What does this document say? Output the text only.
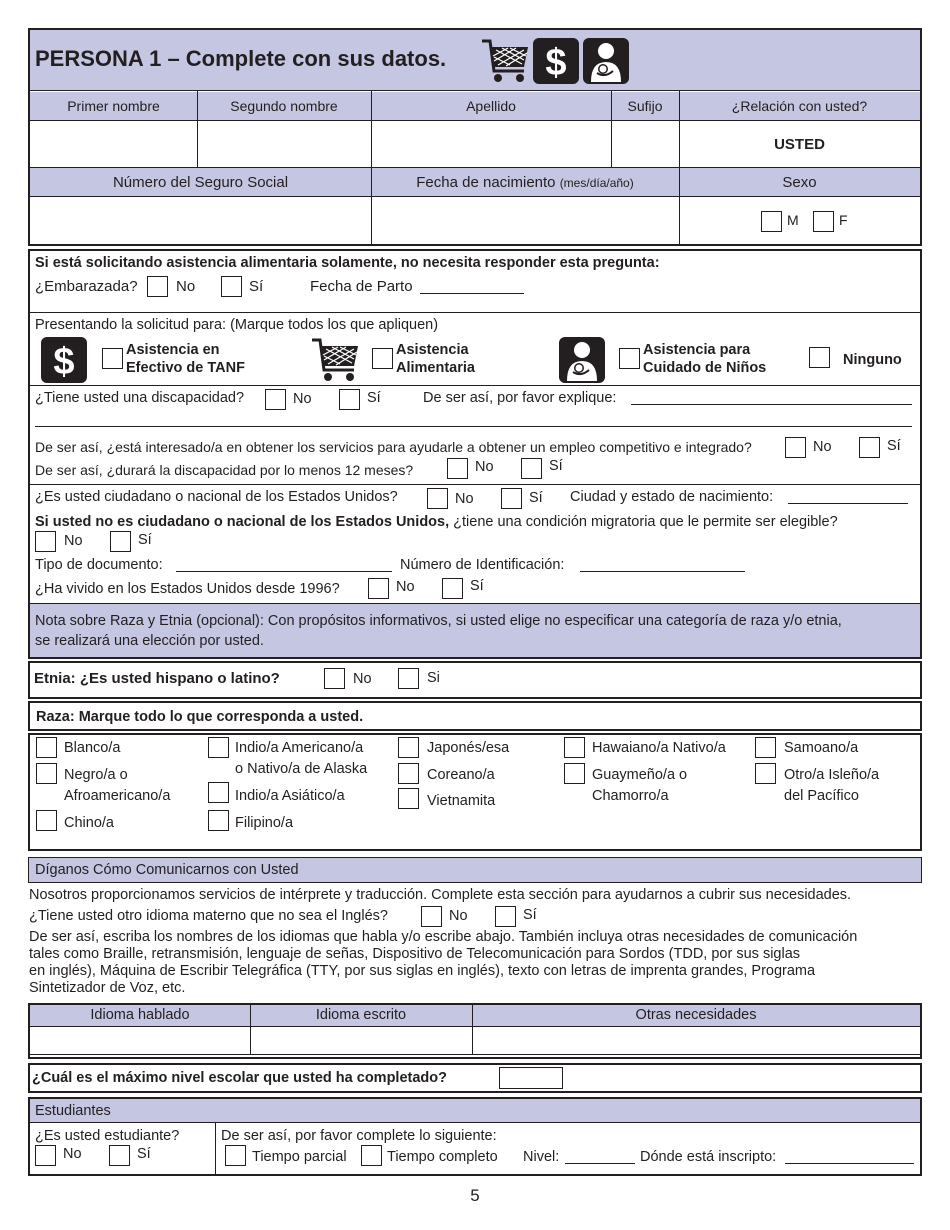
PERSONA 1 – Complete con sus datos.	$
Primer nombre	Segundo nombre	Apellido	Sufijo	¿Relación con usted?
USTED
Número del Seguro Social	Fecha de nacimiento (mes/día/año)	Sexo
M	F
Si está solicitando asistencia alimentaria solamente, no necesita responder esta pregunta:
¿Embarazada?	No	Sí	Fecha de Parto
Presentando la solicitud para: (Marque todos los que apliquen)
$	Asistencia en
Efectivo de TANF
Asistencia
Alimentaria
Asistencia para
Cuidado de Niños	Ninguno
¿Tiene usted una discapacidad?	No	Sí	De ser así, por favor explique:
De ser así, ¿está interesado/a en obtener los servicios para ayudarle a obtener un empleo competitivo e integrado?	No	Sí
De ser así, ¿durará la discapacidad por lo menos 12 meses?	No	Sí
¿Es usted ciudadano o nacional de los Estados Unidos?	No	Sí Ciudad y estado de nacimiento:
Si usted no es ciudadano o nacional de los Estados Unidos, ¿tiene una condición migratoria que le permite ser elegible?
No	Sí
Tipo de documento:	Número de Identificación:
¿Ha vivido en los Estados Unidos desde 1996?	No	Sí
Nota sobre Raza y Etnia (opcional): Con propósitos informativos, si usted elige no especificar una categoría de raza y/o etnia,
se realizará una elección por usted.
Etnia: ¿Es usted hispano o latino?	No	Si
Raza: Marque todo lo que corresponda a usted.
Blanco/a
Negro/a o
Afroamericano/a
Chino/a
Indio/a Americano/a
o Nativo/a de Alaska
Indio/a Asiático/a
Filipino/a
Japonés/esa
Coreano/a
Vietnamita
Hawaiano/a Nativo/a
Guaymeño/a o
Chamorro/a
Samoano/a
Otro/a Isleño/a
del Pacífico
Díganos Cómo Comunicarnos con Usted
Nosotros proporcionamos servicios de intérprete y traducción. Complete esta sección para ayudarnos a cubrir sus necesidades.
¿Tiene usted otro idioma materno que no sea el Inglés?	No	Sí
De ser así, escriba los nombres de los idiomas que habla y/o escribe abajo. También incluya otras necesidades de comunicación
tales como Braille, retransmisión, lenguaje de señas, Dispositivo de Telecomunicación para Sordos (TDD, por sus siglas
en inglés), Máquina de Escribir Telegráfica (TTY, por sus siglas en inglés), texto con letras de imprenta grandes, Programa
Sintetizador de Voz, etc.
Idioma hablado	Idioma escrito	Otras necesidades
¿Cuál es el máximo nivel escolar que usted ha completado?
Estudiantes
¿Es usted estudiante?
No	Sí
De ser así, por favor complete lo siguiente:
Tiempo parcial	Tiempo completo Nivel:	Dónde está inscripto:
5
